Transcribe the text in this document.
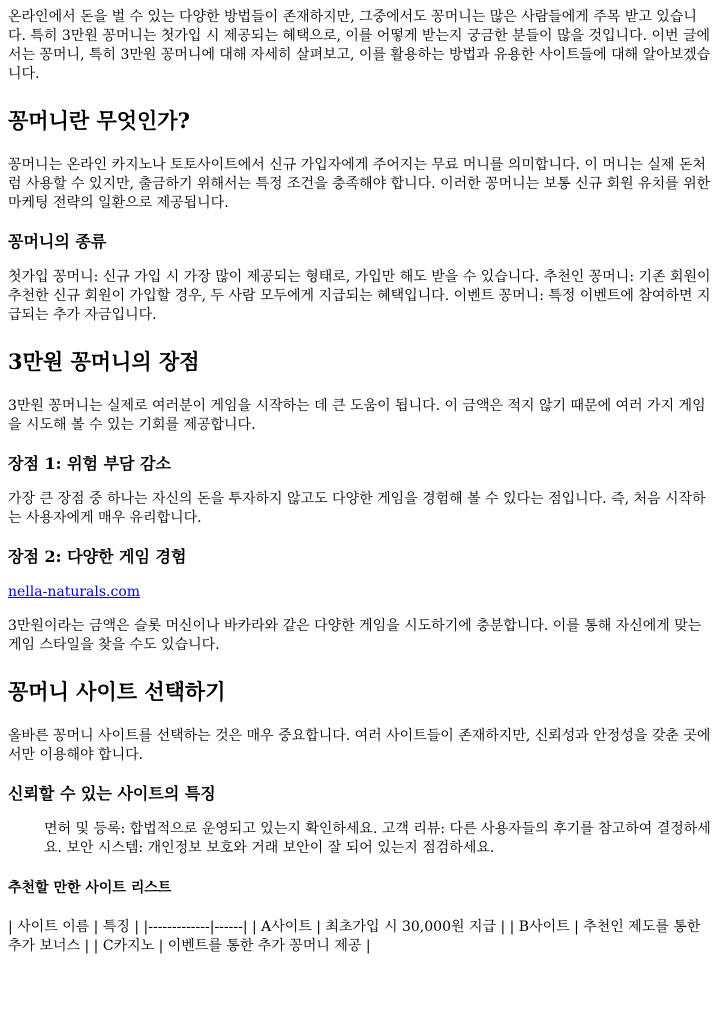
온라인에서 돈을 벌 수 있는 다양한 방법들이 존재하지만, 그중에서도 꽁머니는 많은 사람들에게 주목 받고 있습니다. 특히 3만원 꽁머니는 첫가입 시 제공되는 혜택으로, 이를 어떻게 받는지 궁금한 분들이 많을 것입니다. 이번 글에서는 꽁머니, 특히 3만원 꽁머니에 대해 자세히 살펴보고, 이를 활용하는 방법과 유용한 사이트들에 대해 알아보겠습니다.

꽁머니란 무엇인가?

꽁머니는 온라인 카지노나 토토사이트에서 신규 가입자에게 주어지는 무료 머니를 의미합니다. 이 머니는 실제 돈처럼 사용할 수 있지만, 출금하기 위해서는 특정 조건을 충족해야 합니다. 이러한 꽁머니는 보통 신규 회원 유치를 위한 마케팅 전략의 일환으로 제공됩니다.

꽁머니의 종류

첫가입 꽁머니: 신규 가입 시 가장 많이 제공되는 형태로, 가입만 해도 받을 수 있습니다. 추천인 꽁머니: 기존 회원이 추천한 신규 회원이 가입할 경우, 두 사람 모두에게 지급되는 혜택입니다. 이벤트 꽁머니: 특정 이벤트에 참여하면 지급되는 추가 자금입니다.

3만원 꽁머니의 장점

3만원 꽁머니는 실제로 여러분이 게임을 시작하는 데 큰 도움이 됩니다. 이 금액은 적지 않기 때문에 여러 가지 게임을 시도해 볼 수 있는 기회를 제공합니다.

장점 1: 위험 부담 감소

가장 큰 장점 중 하나는 자신의 돈을 투자하지 않고도 다양한 게임을 경험해 볼 수 있다는 점입니다. 즉, 처음 시작하는 사용자에게 매우 유리합니다.

장점 2: 다양한 게임 경험

nella-naturals.com

3만원이라는 금액은 슬롯 머신이나 바카라와 같은 다양한 게임을 시도하기에 충분합니다. 이를 통해 자신에게 맞는 게임 스타일을 찾을 수도 있습니다.

꽁머니 사이트 선택하기

올바른 꽁머니 사이트를 선택하는 것은 매우 중요합니다. 여러 사이트들이 존재하지만, 신뢰성과 안정성을 갖춘 곳에서만 이용해야 합니다.

신뢰할 수 있는 사이트의 특징
면허 및 등록: 합법적으로 운영되고 있는지 확인하세요. 고객 리뷰: 다른 사용자들의 후기를 참고하여 결정하세요. 보안 시스템: 개인정보 보호와 거래 보안이 잘 되어 있는지 점검하세요.
추천할 만한 사이트 리스트

| 사이트 이름 | 특징 | |-------------|------| | A사이트 | 최초가입 시 30,000원 지급 | | B사이트 | 추천인 제도를 통한 추가 보너스 | | C카지노 | 이벤트를 통한 추가 꽁머니 제공 |
